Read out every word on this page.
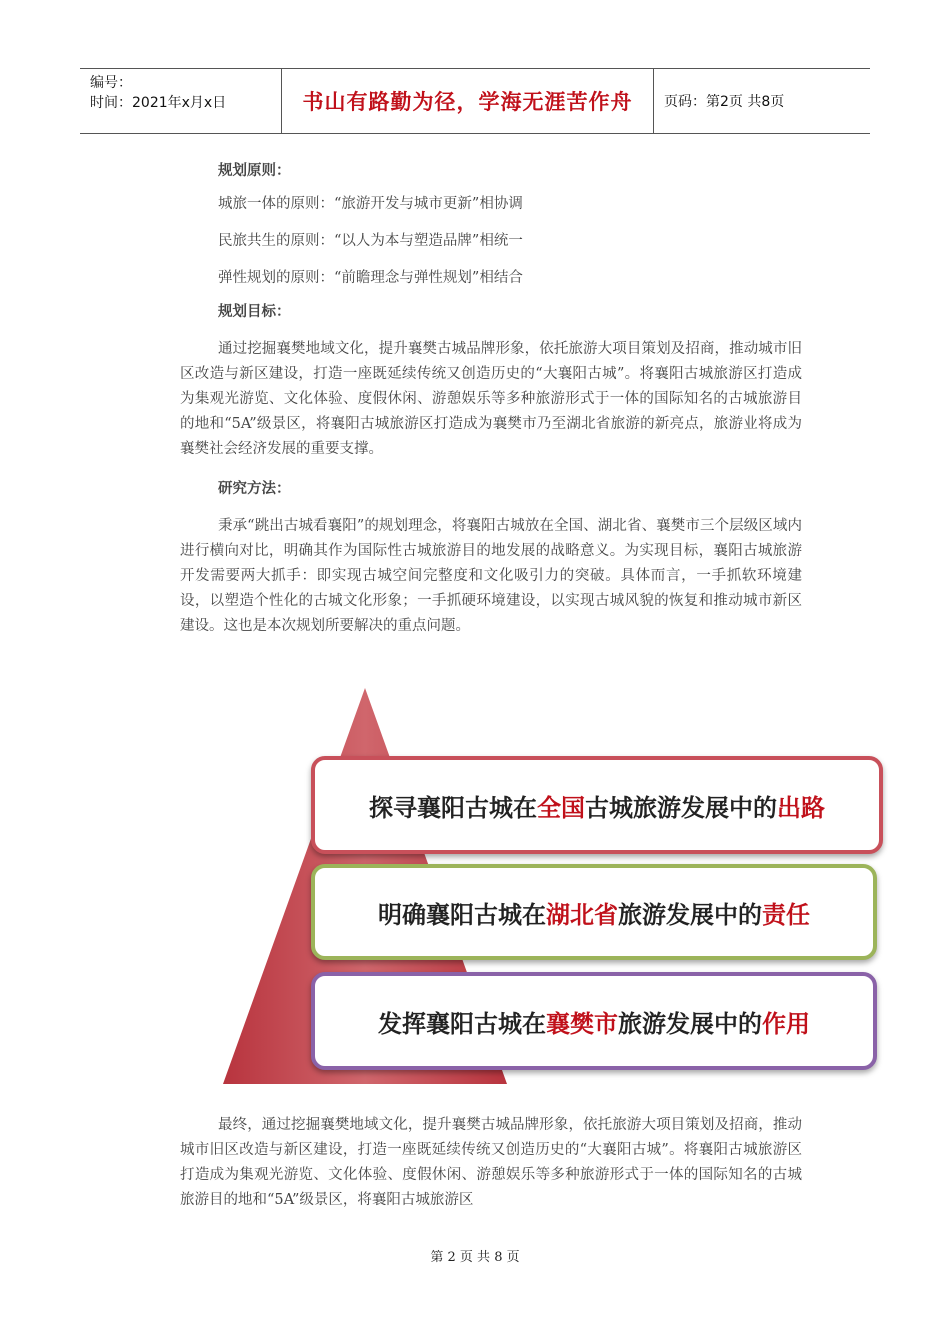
编号：
时间：2021年x月x日	书山有路勤为径，学海无涯苦作舟	页码：第2页 共8页

规划原则：

城旅一体的原则：“旅游开发与城市更新”相协调

民旅共生的原则：“以人为本与塑造品牌”相统一

弹性规划的原则：“前瞻理念与弹性规划”相结合

规划目标：

通过挖掘襄樊地域文化，提升襄樊古城品牌形象，依托旅游大项目策划及招商，推动城市旧区改造与新区建设，打造一座既延续传统又创造历史的“大襄阳古城”。将襄阳古城旅游区打造成为集观光游览、文化体验、度假休闲、游憩娱乐等多种旅游形式于一体的国际知名的古城旅游目的地和“5A”级景区，将襄阳古城旅游区打造成为襄樊市乃至湖北省旅游的新亮点，旅游业将成为襄樊社会经济发展的重要支撑。

研究方法：

秉承“跳出古城看襄阳”的规划理念，将襄阳古城放在全国、湖北省、襄樊市三个层级区域内进行横向对比，明确其作为国际性古城旅游目的地发展的战略意义。为实现目标，襄阳古城旅游开发需要两大抓手：即实现古城空间完整度和文化吸引力的突破。具体而言，一手抓软环境建设，以塑造个性化的古城文化形象；一手抓硬环境建设，以实现古城风貌的恢复和推动城市新区建设。这也是本次规划所要解决的重点问题。

探寻襄阳古城在 全国 古城旅游发展中的 出路
明确襄阳古城在 湖北省 旅游发展中的 责任
发挥襄阳古城在 襄樊市 旅游发展中的 作用

最终，通过挖掘襄樊地域文化，提升襄樊古城品牌形象，依托旅游大项目策划及招商，推动城市旧区改造与新区建设，打造一座既延续传统又创造历史的“大襄阳古城”。将襄阳古城旅游区打造成为集观光游览、文化体验、度假休闲、游憩娱乐等多种旅游形式于一体的国际知名的古城旅游目的地和“5A”级景区，将襄阳古城旅游区

第 2 页 共 8 页
